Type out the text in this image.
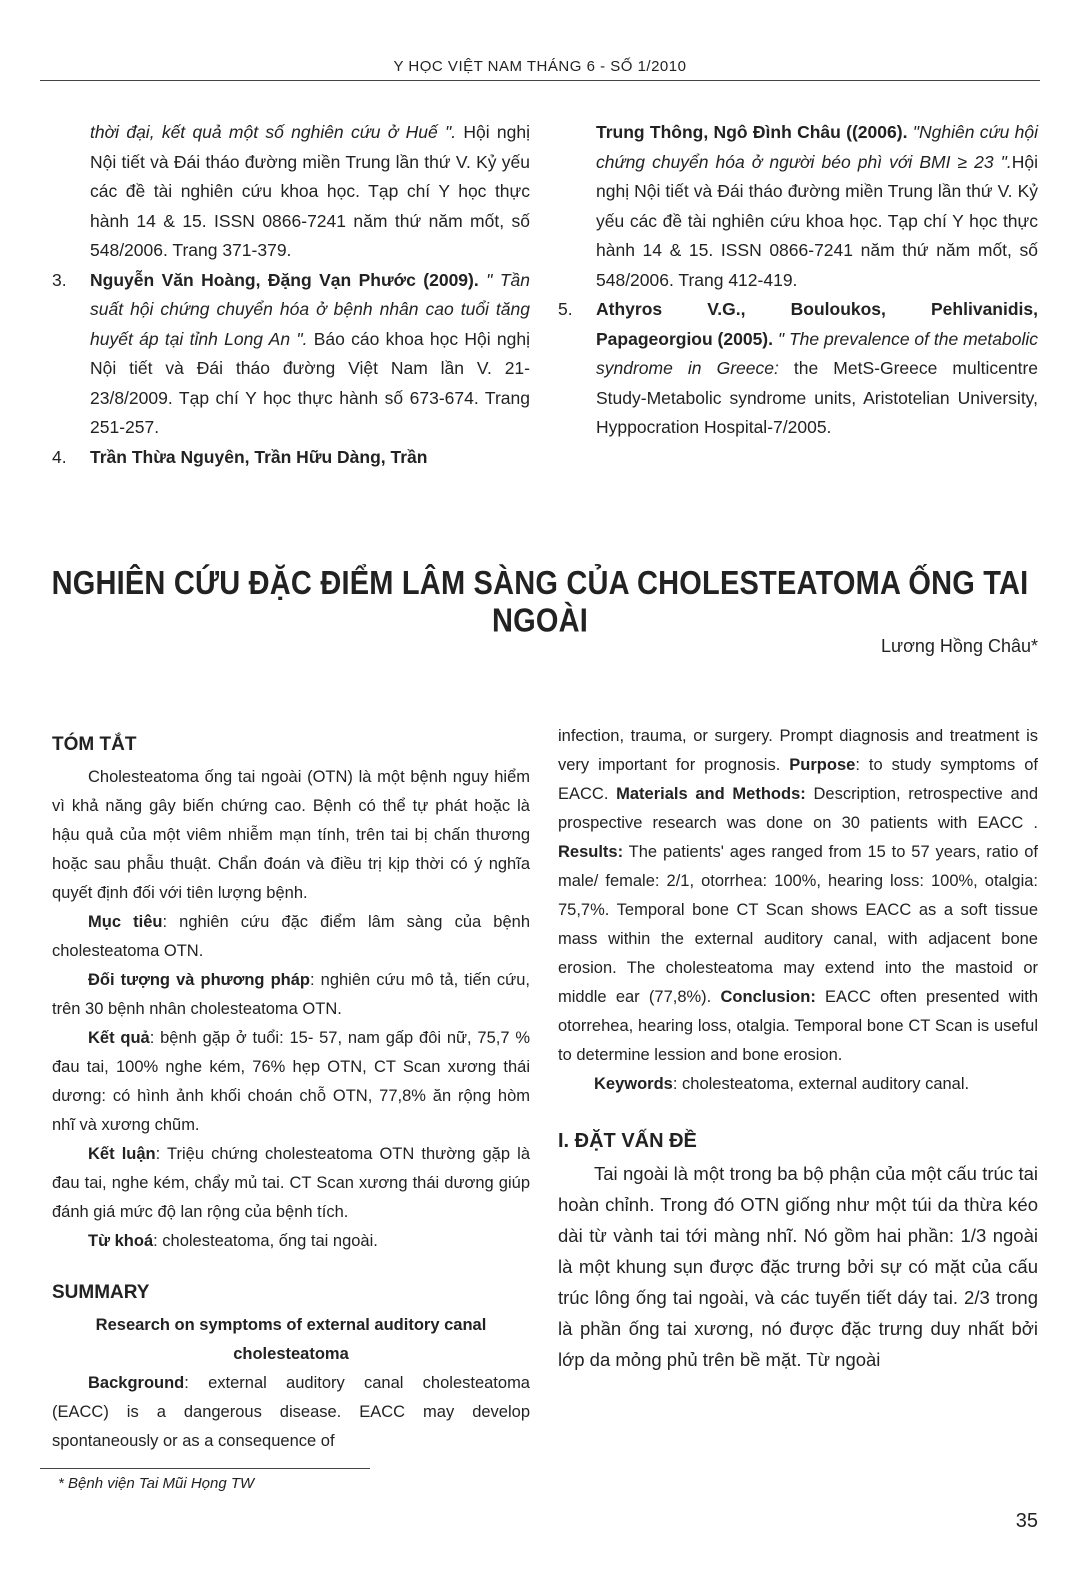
Y HỌC VIỆT NAM THÁNG 6 - SỐ 1/2010
thời đại, kết quả một số nghiên cứu ở Huế ". Hội nghị Nội tiết và Đái tháo đường miền Trung lần thứ V. Kỷ yếu các đề tài nghiên cứu khoa học. Tạp chí Y học thực hành 14 & 15. ISSN 0866-7241 năm thứ năm mốt, số 548/2006. Trang 371-379.
3.	Nguyễn Văn Hoàng, Đặng Vạn Phước (2009). " Tần suất hội chứng chuyển hóa ở bệnh nhân cao tuổi tăng huyết áp tại tỉnh Long An ". Báo cáo khoa học Hội nghị Nội tiết và Đái tháo đường Việt Nam lần V. 21-23/8/2009. Tạp chí Y học thực hành số 673-674. Trang 251-257.
4.	Trần Thừa Nguyên, Trần Hữu Dàng, Trần
Trung Thông, Ngô Đình Châu ((2006). "Nghiên cứu hội chứng chuyển hóa ở người béo phì với BMI ≥ 23 ".Hội nghị Nội tiết và Đái tháo đường miền Trung lần thứ V. Kỷ yếu các đề tài nghiên cứu khoa học. Tạp chí Y học thực hành 14 & 15. ISSN 0866-7241 năm thứ năm mốt, số 548/2006. Trang 412-419.
5.	Athyros V.G., Bouloukos, Pehlivanidis, Papageorgiou (2005). " The prevalence of the metabolic syndrome in Greece: the MetS-Greece multicentre Study-Metabolic syndrome units, Aristotelian University, Hyppocration Hospital-7/2005.
NGHIÊN CỨU ĐẶC ĐIỂM LÂM SÀNG CỦA CHOLESTEATOMA ỐNG TAI NGOÀI
Lương Hồng Châu*
TÓM TẮT

Cholesteatoma ống tai ngoài (OTN) là một bệnh nguy hiểm vì khả năng gây biến chứng cao. Bệnh có thể tự phát hoặc là hậu quả của một viêm nhiễm mạn tính, trên tai bị chấn thương hoặc sau phẫu thuật. Chẩn đoán và điều trị kịp thời có ý nghĩa quyết định đối với tiên lượng bệnh.

Mục tiêu: nghiên cứu đặc điểm lâm sàng của bệnh cholesteatoma OTN.

Đối tượng và phương pháp: nghiên cứu mô tả, tiến cứu, trên 30 bệnh nhân cholesteatoma OTN.

Kết quả: bệnh gặp ở tuổi: 15- 57, nam gấp đôi nữ, 75,7 % đau tai, 100% nghe kém, 76% hẹp OTN, CT Scan xương thái dương: có hình ảnh khối choán chỗ OTN, 77,8% ăn rộng hòm nhĩ và xương chũm.

Kết luận: Triệu chứng cholesteatoma OTN thường gặp là đau tai, nghe kém, chẩy mủ tai. CT Scan xương thái dương giúp đánh giá mức độ lan rộng của bệnh tích.

Từ khoá: cholesteatoma, ống tai ngoài.

SUMMARY
Research on symptoms of external auditory canal cholesteatoma

Background: external auditory canal cholesteatoma (EACC) is a dangerous disease. EACC may develop spontaneously or as a consequence of

infection, trauma, or surgery. Prompt diagnosis and treatment is very important for prognosis. Purpose: to study symptoms of EACC. Materials and Methods: Description, retrospective and prospective research was done on 30 patients with EACC . Results: The patients' ages ranged from 15 to 57 years, ratio of male/ female: 2/1, otorrhea: 100%, hearing loss: 100%, otalgia: 75,7%. Temporal bone CT Scan shows EACC as a soft tissue mass within the external auditory canal, with adjacent bone erosion. The cholesteatoma may extend into the mastoid or middle ear (77,8%). Conclusion: EACC often presented with otorrehea, hearing loss, otalgia. Temporal bone CT Scan is useful to determine lession and bone erosion.

Keywords: cholesteatoma, external auditory canal.

I. ĐẶT VẤN ĐỀ
Tai ngoài là một trong ba bộ phận của một cấu trúc tai hoàn chỉnh. Trong đó OTN giống như một túi da thừa kéo dài từ vành tai tới màng nhĩ. Nó gồm hai phần: 1/3 ngoài là một khung sụn được đặc trưng bởi sự có mặt của cấu trúc lông ống tai ngoài, và các tuyến tiết dáy tai. 2/3 trong là phần ống tai xương, nó được đặc trưng duy nhất bởi lớp da mỏng phủ trên bề mặt. Từ ngoài
* Bệnh viện Tai Mũi Họng TW
35
